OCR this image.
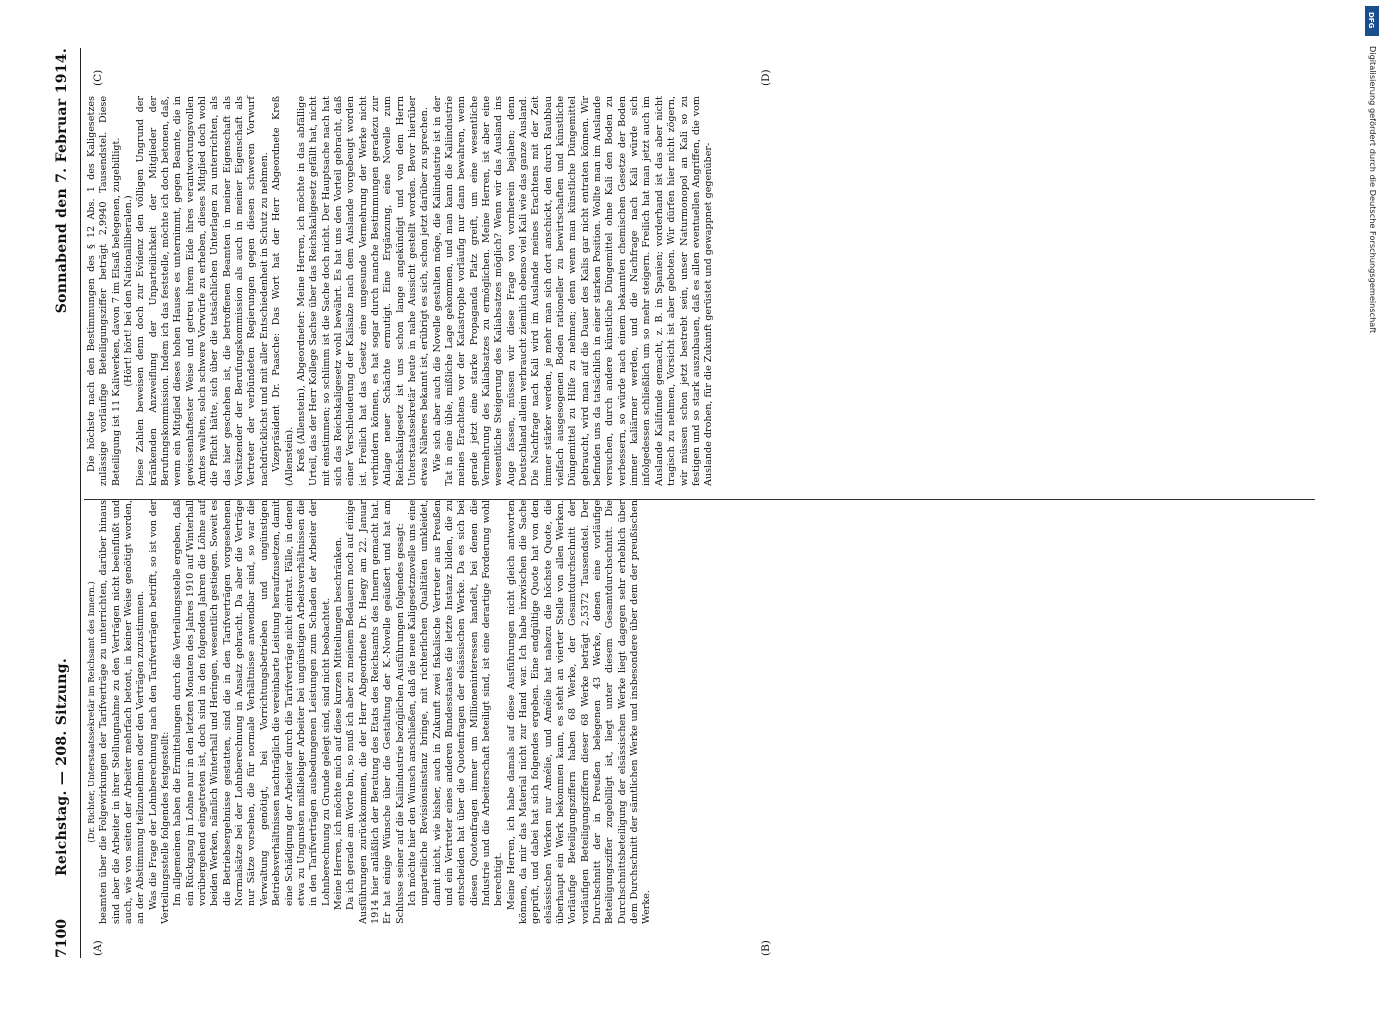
7100
Reichstag. — 208. Sitzung.
Sonnabend den 7. Februar 1914.
(A)	(B)
(C)	(D)

(Dr. Richter, Unterstaatssekretär im Reichsamt des Innern.) beamten über die Folgewirkungen der Tarifverträge zu unterrichten, darüber hinaus sind aber die Arbeiter in ihrer Stellungnahme zu den Verträgen nicht beeinflußt und auch, wie von seiten der Arbeiter mehrfach betont, in keiner Weise genötigt worden, an der Abstimmung teilzunehmen oder den Verträgen zuzustimmen. Was die Frage der Lohnberechnung nach den Tarifverträgen betrifft, so ist von der Verteilungsstelle folgendes festgestellt: Im allgemeinen haben die Ermittelungen durch die Verteilungsstelle ergeben, daß ein Rückgang im Lohne nur in den letzten Monaten des Jahres 1910 auf Winterhall vorübergehend eingetreten ist, doch sind in den folgenden Jahren die Löhne auf beiden Werken, nämlich Winterhall und Heringen, wesentlich gestiegen. Soweit es die Betriebsergebnisse gestatten, sind die in den Tarifverträgen vorgesehenen Normalsätze bei der Lohnberechnung in Ansatz gebracht. Da aber die Verträge nur Sätze vorsehen, die für normale Verhältnisse anwendbar sind, so war die Verwaltung genötigt, bei Vorrichtungsbetrieben und ungünstigen Betriebsverhältnissen nachträglich die vereinbarte Leistung heraufzusetzen, damit eine Schädigung der Arbeiter durch die Tarifverträge nicht eintrat. Fälle, in denen etwa zu Ungunsten mißliebiger Arbeiter bei ungünstigen Arbeitsverhältnissen die in den Tarifverträgen ausbedungenen Leistungen zum Schaden der Arbeiter der Lohnberechnung zu Grunde gelegt sind, sind nicht beobachtet. Meine Herren, ich möchte mich auf diese kurzen Mitteilungen beschränken. Da ich gerade am Worte bin, so muß ich aber zu meinem Bedauern noch auf einige Ausführungen zurückkommen, die der Herr Abgeordnete Dr. Haegy am 22. Januar 1914 hier anläßlich der Beratung des Etats des Reichsamts des Innern gemacht hat. Er hat einige Wünsche über die Gestaltung der K.-Novelle geäußert und hat am Schlusse seiner auf die Kaliindustrie bezüglichen Ausführungen folgendes gesagt: Ich möchte hier den Wunsch anschließen, daß die neue Kaligesetznovelle uns eine unparteiliche Revisionsinstanz bringe, mit richterlichen Qualitäten umkleidet, damit nicht, wie bisher, auch in Zukunft zwei fiskalische Vertreter aus Preußen und ein Vertreter eines anderen Bundesstaates die letzte Instanz bilden, die zu entscheiden hat über die Quotenfragen der elsässischen Werke. Da es sich bei diesen Quotenfragen immer um Millioneninteressen handelt, bei denen die Industrie und die Arbeiterschaft beteiligt sind, ist eine derartige Forderung wohl berechtigt. Meine Herren, ich habe damals auf diese Ausführungen nicht gleich antworten können, da mir das Material nicht zur Hand war. Ich habe inzwischen die Sache geprüft, und dabei hat sich folgendes ergeben. Eine endgültige Quote hat von den elsässischen Werken nur Amélie, und Amélie hat nahezu die höchste Quote, die überhaupt ein Werk bekommen kann, es steht an vierter Stelle von allen Werken. Vorläufige Beteiligungsziffern haben 68 Werke, der Gesamtdurchschnitt der vorläufigen Beteiligungsziffern dieser 68 Werke beträgt 2,5372 Tausendstel. Der Durchschnitt der in Preußen belegenen 43 Werke, denen eine vorläufige Beteiligungsziffer zugebilligt ist, liegt unter diesem Gesamtdurchschnitt. Die Durchschnittsbeteiligung der elsässischen Werke liegt dagegen sehr erheblich über dem Durchschnitt der sämtlichen Werke und insbesondere über dem der preußischen Werke.

Die höchste nach den Bestimmungen des § 12 Abs. 1 des Kaligesetzes zulässige vorläufige Beteiligungsziffer beträgt 2,9940 Tausendstel. Diese Beteiligung ist 11 Kaliwerken, davon 7 im Elsaß belegenen, zugebilligt. (Hört! hört! bei den Nationalliberalen.) Diese Zahlen beweisen denn doch zur Evidenz den völligen Ungrund der kränkenden Anzweiflung der Unparteilichkeit der Mitglieder der Berufungskommission. Indem ich das feststelle, möchte ich doch betonen, daß, wenn ein Mitglied dieses hohen Hauses es unternimmt, gegen Beamte, die in gewissenhaftester Weise und getreu ihrem Eide ihres verantwortungsvollen Amtes walten, solch schwere Vorwürfe zu erheben, dieses Mitglied doch wohl die Pflicht hätte, sich über die tatsächlichen Unterlagen zu unterrichten, als das hier geschehen ist, die betroffenen Beamten in meiner Eigenschaft als Vorsitzender der Berufungskommission als auch in meiner Eigenschaft als Vertreter der verbündeten Regierungen gegen diesen schweren Vorwurf nachdrücklichst und mit aller Entschiedenheit in Schutz zu nehmen. Vizepräsident Dr. Paasche: Das Wort hat der Herr Abgeordnete Kreß (Allenstein). Kreß (Allenstein), Abgeordneter: Meine Herren, ich möchte in das abfällige Urteil, das der Herr Kollege Sachse über das Reichskaligesetz gefällt hat, nicht mit einstimmen; so schlimm ist die Sache doch nicht. Der Hauptsache nach hat sich das Reichskaligesetz wohl bewährt. Es hat uns den Vorteil gebracht, daß einer Verschleuderung der Kalisalze nach dem Auslande vorgebeugt worden ist. Freilich hat das Gesetz eine ungesunde Vermehrung der Werke nicht verhindern können, es hat sogar durch manche Bestimmungen geradezu zur Anlage neuer Schächte ermutigt. Eine Ergänzung, eine Novelle zum Reichskaligesetz ist uns schon lange angekündigt und von dem Herrn Unterstaatssekretär heute in nahe Aussicht gestellt worden. Bevor hierüber etwas Näheres bekannt ist, erübrigt es sich, schon jetzt darüber zu sprechen. Wie sich aber auch die Novelle gestalten möge, die Kaliindustrie ist in der Tat in eine üble, mißliche Lage gekommen, und man kann die Kaliindustrie meines Erachtens vor der Katastrophe vorläufig nur dann bewahren, wenn gerade jetzt eine starke Propaganda Platz greift, um eine wesentliche Vermehrung des Kaliabsatzes zu ermöglichen. Meine Herren, ist aber eine wesentliche Steigerung des Kaliabsatzes möglich? Wenn wir das Ausland ins Auge fassen, müssen wir diese Frage von vornherein bejahen; denn Deutschland allein verbraucht ziemlich ebenso viel Kali wie das ganze Ausland. Die Nachfrage nach Kali wird im Auslande meines Erachtens mit der Zeit immer stärker werden, je mehr man sich dort anschickt, den durch Raubbau vielfach ausgesogenen Boden rationeller zu bewirtschaften und künstliche Düngemittel zu Hilfe zu nehmen; denn wenn man künstliche Düngemittel gebraucht, wird man auf die Dauer des Kalis gar nicht entraten können. Wir befinden uns da tatsächlich in einer starken Position. Wollte man im Auslande versuchen, durch andere künstliche Düngemittel ohne Kali den Boden zu verbessern, so würde nach einem bekannten chemischen Gesetze der Boden immer kaliärmer werden, und die Nachfrage nach Kali würde sich infolgedessen schließlich um so mehr steigern. Freilich hat man jetzt auch im Auslande Kalifunde gemacht, z. B. in Spanien; vorderhand ist das aber nicht tragisch zu nehmen, Vorsicht ist aber geboten. Wir dürfen hier nicht zögern, wir müssen schon jetzt bestrebt sein, unser Naturmonopol an Kali so zu festigen und so stark auszubauen, daß es allen eventuellen Angriffen, die vom Auslande drohen, für die Zukunft gerüstet und gewappnet gegenüber-

DFG
Digitalisierung gefördert durch die Deutsche Forschungsgemeinschaft
